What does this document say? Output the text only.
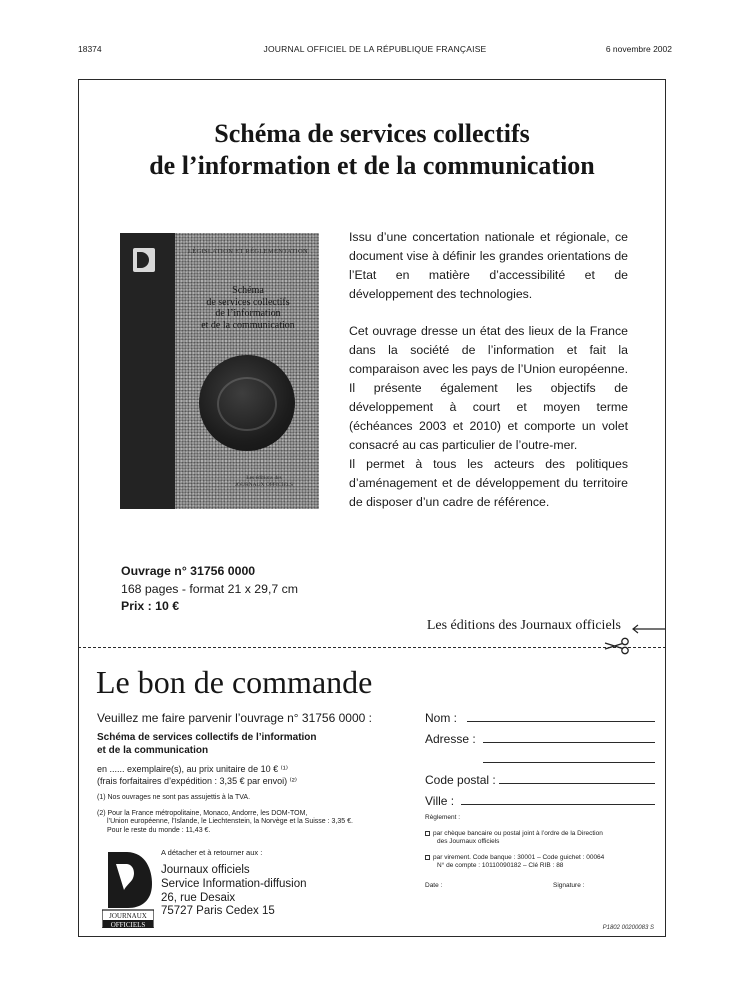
18374	JOURNAL OFFICIEL DE LA RÉPUBLIQUE FRANÇAISE	6 novembre 2002
Schéma de services collectifs
de l’information et de la communication
LÉGISLATION ET RÉGLEMENTATION
Schéma
de services collectifs
de l’information
et de la communication
Les éditions des
JOURNAUX OFFICIELS

Issu d’une concertation nationale et régionale, ce document vise à définir les grandes orientations de l’Etat en matière d’accessibilité et de développement des technologies.

Cet ouvrage dresse un état des lieux de la France dans la société de l’information et fait la comparaison avec les pays de l’Union européenne. Il présente également les objectifs de développement à court et moyen terme (échéances 2003 et 2010) et comporte un volet consacré au cas particulier de l’outre-mer.

Il permet à tous les acteurs des politiques d’aménagement et de développement du territoire de disposer d’un cadre de référence.

Ouvrage n° 31756 0000
168 pages - format 21 x 29,7 cm
Prix : 10 €
Les éditions des Journaux officiels
Le bon de commande
Veuillez me faire parvenir l’ouvrage n° 31756 0000 :
Schéma de services collectifs de l’information
et de la communication
en ...... exemplaire(s), au prix unitaire de 10 € ⁽¹⁾
(frais forfaitaires d’expédition : 3,35 € par envoi) ⁽²⁾
(1) Nos ouvrages ne sont pas assujettis à la TVA.
(2) Pour la France métropolitaine, Monaco, Andorre, les DOM-TOM,
l’Union européenne, l’Islande, le Liechtenstein, la Norvège et la Suisse : 3,35 €.
Pour le reste du monde : 11,43 €.
JOURNAUX
OFFICIELS
A détacher et à retourner aux :
Journaux officiels
Service Information-diffusion
26, rue Desaix
75727 Paris Cedex 15
Nom :
Adresse :
Code postal :
Ville :
Règlement :
par chèque bancaire ou postal joint à l’ordre de la Direction
des Journaux officiels
par virement. Code banque : 30001 – Code guichet : 00064
N° de compte : 10110090182 – Clé RIB : 88
Date :	Signature :
P1802 00200083 S
